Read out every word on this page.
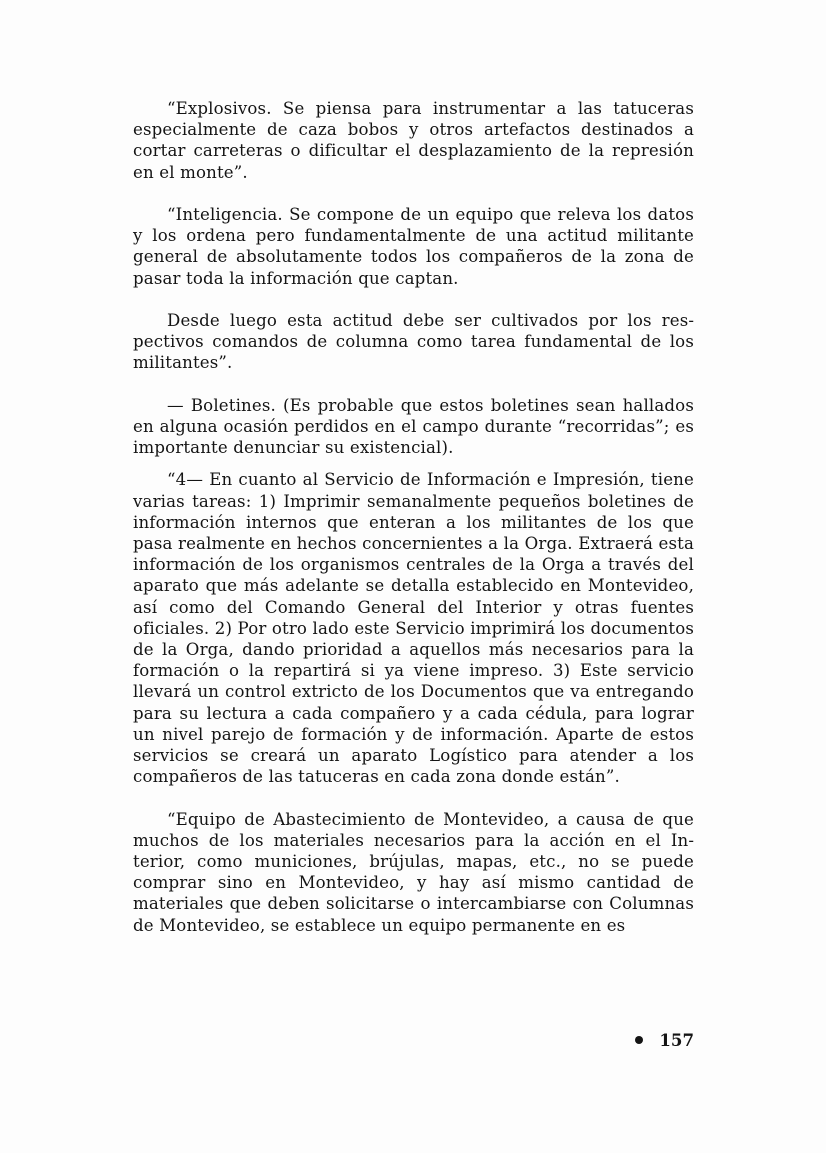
“Explosivos. Se piensa para instrumentar a las tatuceras especialmente de caza bobos y otros artefactos destinados a cortar carreteras o dificultar el desplazamiento de la represión en el monte”.

“Inteligencia. Se compone de un equipo que releva los datos y los ordena pero fundamentalmente de una actitud militante general de absolutamente todos los compañeros de la zona de pasar toda la información que captan.

Desde luego esta actitud debe ser cultivados por los respectivos comandos de columna como tarea fundamental de los militantes”.

— Boletines. (Es probable que estos boletines sean hallados en alguna ocasión perdidos en el campo durante “recorridas”; es importante denunciar su existencial).

“4— En cuanto al Servicio de Información e Impresión, tiene varias tareas: 1) Imprimir semanalmente pequeños boletines de información internos que enteran a los militantes de los que pasa realmente en hechos concernientes a la Orga. Extraerá esta información de los organismos centrales de la Orga a través del aparato que más adelante se detalla establecido en Montevideo, así como del Comando General del Interior y otras fuentes oficiales. 2) Por otro lado este Servicio imprimirá los documentos de la Orga, dando prioridad a aquellos más necesarios para la formación o la repartirá si ya viene impreso. 3) Este servicio llevará un control extricto de los Documentos que va entregando para su lectura a cada compañero y a cada cédula, para lograr un nivel parejo de formación y de información. Aparte de estos servicios se creará un aparato Logístico para atender a los compañeros de las tatuceras en cada zona donde están”.

“Equipo de Abastecimiento de Montevideo, a causa de que muchos de los materiales necesarios para la acción en el Interior, como municiones, brújulas, mapas, etc., no se puede comprar sino en Montevideo, y hay así mismo cantidad de materiales que deben solicitarse o intercambiarse con Columnas de Montevideo, se establece un equipo permanente en es

157
